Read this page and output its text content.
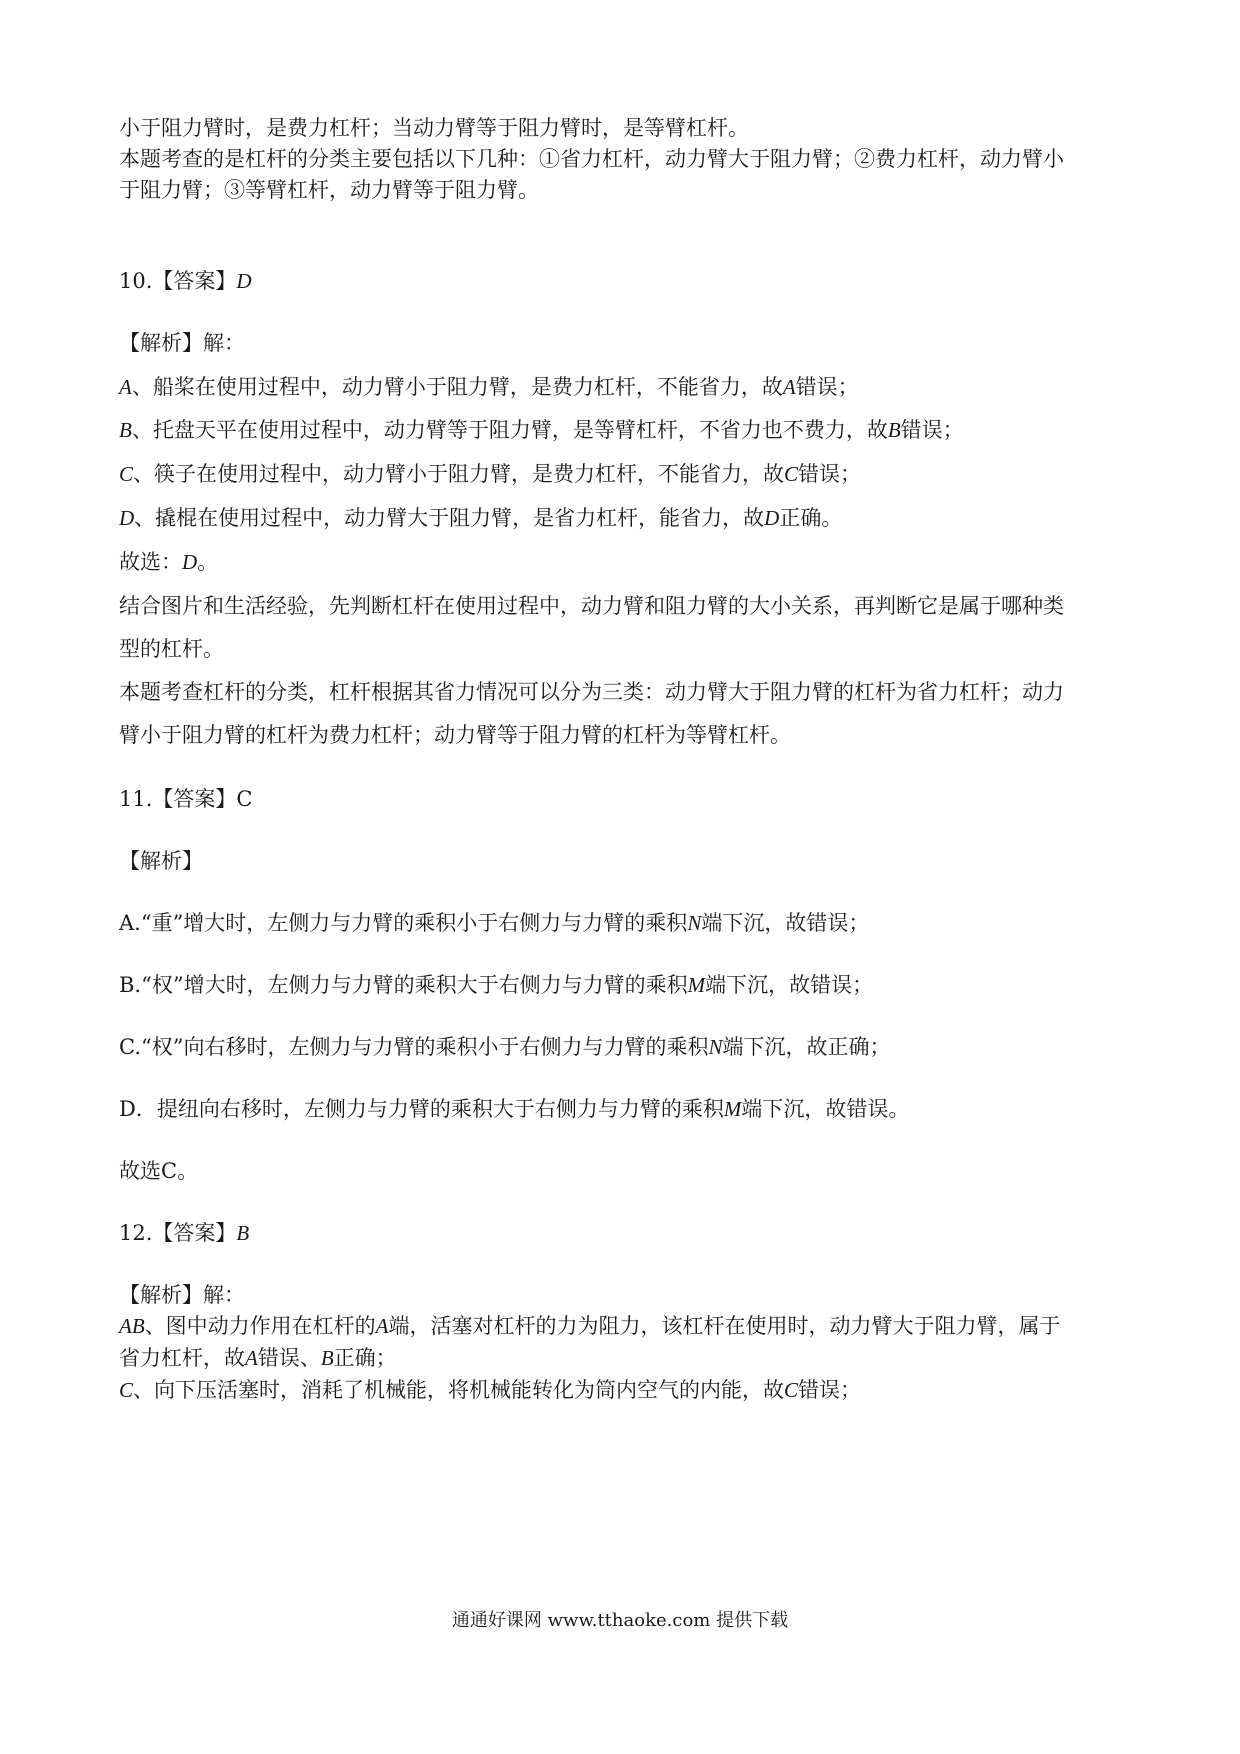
小于阻力臂时，是费力杠杆；当动力臂等于阻力臂时，是等臂杠杆。
本题考查的是杠杆的分类主要包括以下几种：①省力杠杆，动力臂大于阻力臂；②费力杠杆，动力臂小
于阻力臂；③等臂杠杆，动力臂等于阻力臂。
10.【答案】D
【解析】解：
A、船桨在使用过程中，动力臂小于阻力臂，是费力杠杆，不能省力，故A错误；
B、托盘天平在使用过程中，动力臂等于阻力臂，是等臂杠杆，不省力也不费力，故B错误；
C、筷子在使用过程中，动力臂小于阻力臂，是费力杠杆，不能省力，故C错误；
D、撬棍在使用过程中，动力臂大于阻力臂，是省力杠杆，能省力，故D正确。
故选：D。
结合图片和生活经验，先判断杠杆在使用过程中，动力臂和阻力臂的大小关系，再判断它是属于哪种类
型的杠杆。
本题考查杠杆的分类，杠杆根据其省力情况可以分为三类：动力臂大于阻力臂的杠杆为省力杠杆；动力
臂小于阻力臂的杠杆为费力杠杆；动力臂等于阻力臂的杠杆为等臂杠杆。
11.【答案】C
【解析】
A.“重”增大时，左侧力与力臂的乘积小于右侧力与力臂的乘积N端下沉，故错误；
B.“权”增大时，左侧力与力臂的乘积大于右侧力与力臂的乘积M端下沉，故错误；
C.“权”向右移时，左侧力与力臂的乘积小于右侧力与力臂的乘积N端下沉，故正确；
D．提纽向右移时，左侧力与力臂的乘积大于右侧力与力臂的乘积M端下沉，故错误。
故选C。
12.【答案】B
【解析】解：
AB、图中动力作用在杠杆的A端，活塞对杠杆的力为阻力，该杠杆在使用时，动力臂大于阻力臂，属于
省力杠杆，故A错误、B正确；
C、向下压活塞时，消耗了机械能，将机械能转化为筒内空气的内能，故C错误；
通通好课网 www.tthaoke.com 提供下载
